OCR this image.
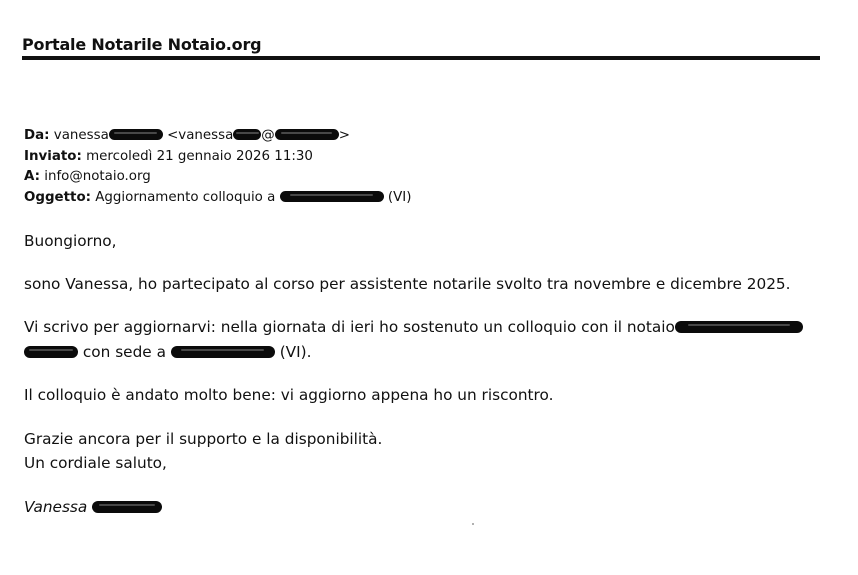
Portale Notarile Notaio.org
Da: vanessa	<vanessa @	>
Inviato: mercoledì 21 gennaio 2026 11:30
A: info@notaio.org
Oggetto: Aggiornamento colloquio a	(VI)
Buongiorno,
sono Vanessa, ho partecipato al corso per assistente notarile svolto tra novembre e dicembre 2025.
Vi scrivo per aggiornarvi: nella giornata di ieri ho sostenuto un colloquio con il notaio
con sede a	(VI).
Il colloquio è andato molto bene: vi aggiorno appena ho un riscontro.
Grazie ancora per il supporto e la disponibilità.
Un cordiale saluto,
Vanessa
